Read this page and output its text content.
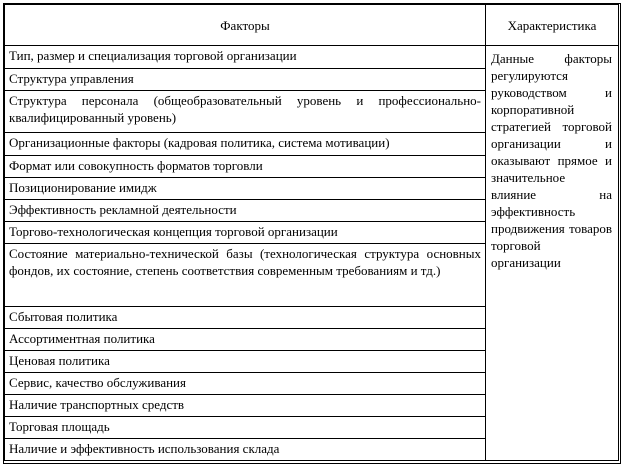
Факторы	Характеристика
Тип, размер и специализация торговой организации	Данные факторы регулируются руководством и корпоративной стратегией торговой организации и оказывают прямое и значительное влияние на эффективность продвижения товаров торговой организации
Структура управления	
Структура персонала (общеобразовательный уровень и профессионально-квалифицированный уровень)	
Организационные факторы (кадровая политика, система мотивации)	
Формат или совокупность форматов торговли	
Позиционирование имидж	
Эффективность рекламной деятельности	
Торгово-технологическая концепция торговой организации	
Состояние материально-технической базы (технологическая структура основных фондов, их состояние, степень соответствия современным требованиям и тд.)	
Сбытовая политика	
Ассортиментная политика	
Ценовая политика	
Сервис, качество обслуживания	
Наличие транспортных средств	
Торговая площадь	
Наличие и эффективность использования склада	
